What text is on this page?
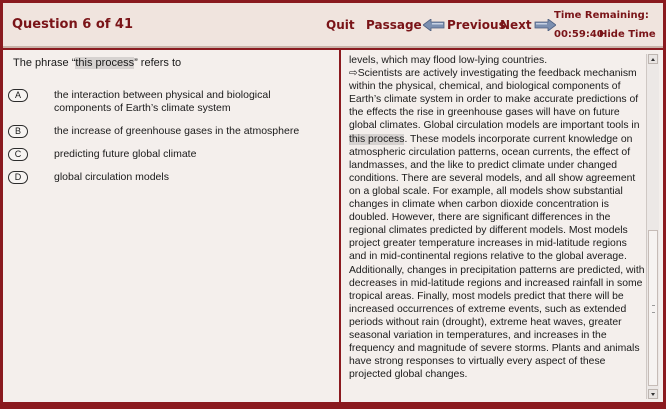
Question 6 of 41	Quit Passage Previous
Next
Time Remaining:
00:59:40
Hide Time
The phrase “this process” refers to
A	the interaction between physical and biological components of Earth’s climate system
B	the increase of greenhouse gases in the atmosphere
C	predicting future global climate
D	global circulation models

levels, which may flood low-lying countries.

⇨Scientists are actively investigating the feedback mechanism within the physical, chemical, and biological components of Earth’s climate system in order to make accurate predictions of the effects the rise in greenhouse gases will have on future global climates. Global circulation models are important tools in this process. These models incorporate current knowledge on atmospheric circulation patterns, ocean currents, the effect of landmasses, and the like to predict climate under changed conditions. There are several models, and all show agreement on a global scale. For example, all models show substantial changes in climate when carbon dioxide concentration is doubled. However, there are significant differences in the regional climates predicted by different models. Most models project greater temperature increases in mid-latitude regions and in mid-continental regions relative to the global average. Additionally, changes in precipitation patterns are predicted, with decreases in mid-latitude regions and increased rainfall in some tropical areas. Finally, most models predict that there will be increased occurrences of extreme events, such as extended periods without rain (drought), extreme heat waves, greater seasonal variation in temperatures, and increases in the frequency and magnitude of severe storms. Plants and animals have strong responses to virtually every aspect of these projected global changes.
